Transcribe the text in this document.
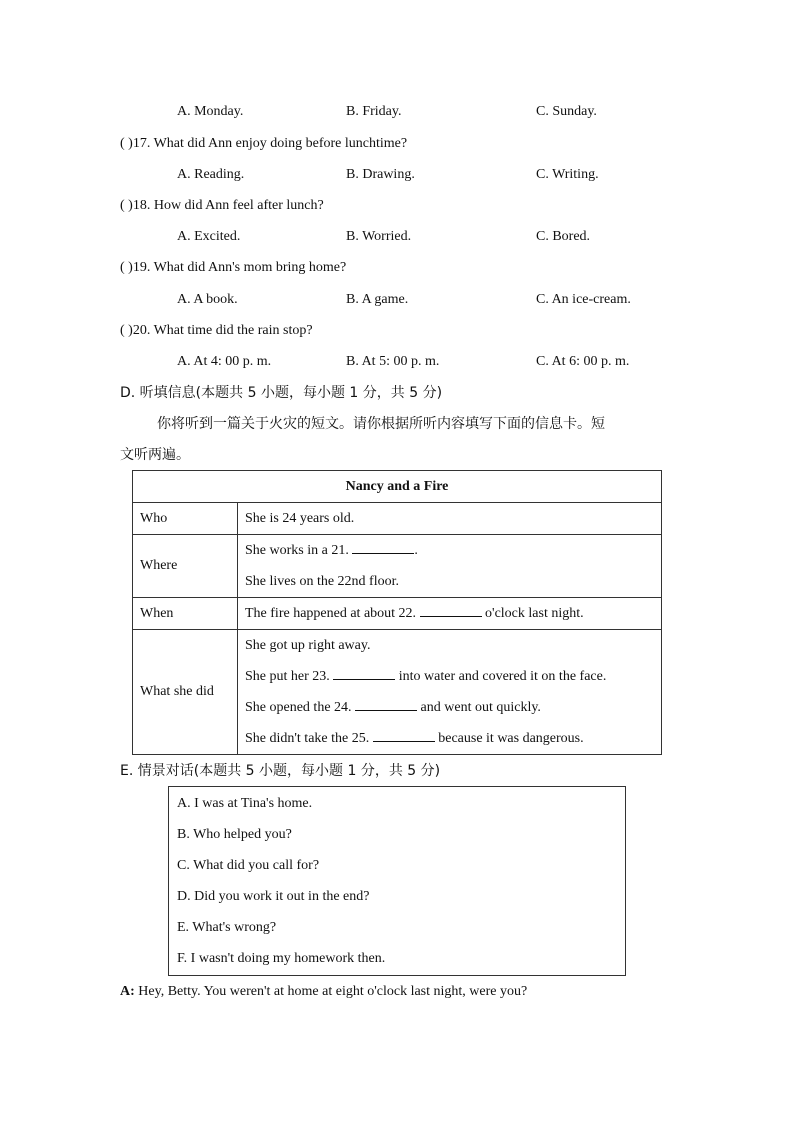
A. Monday.	B. Friday.	C. Sunday.
( )17. What did Ann enjoy doing before lunchtime?
A. Reading.	B. Drawing.	C. Writing.
( )18. How did Ann feel after lunch?
A. Excited.	B. Worried.	C. Bored.
( )19. What did Ann's mom bring home?
A. A book.	B. A game.	C. An ice-cream.
( )20. What time did the rain stop?
A. At 4: 00 p. m.	B. At 5: 00 p. m.	C. At 6: 00 p. m.
D. 听填信息(本题共 5 小题，每小题 1 分，共 5 分)
你将听到一篇关于火灾的短文。请你根据所听内容填写下面的信息卡。短
文听两遍。
Nancy and a Fire	

Who	She is 24 years old.

Where	She works in a 21. .
She lives on the 22nd floor.

When	The fire happened at about 22. o'clock last night.

What she did	She got up right away.
She put her 23. into water and covered it on the face.
She opened the 24. and went out quickly.
She didn't take the 25. because it was dangerous.
E. 情景对话(本题共 5 小题，每小题 1 分，共 5 分)
A. I was at Tina's home.
B. Who helped you?
C. What did you call for?
D. Did you work it out in the end?
E. What's wrong?
F. I wasn't doing my homework then.
A: Hey, Betty. You weren't at home at eight o'clock last night, were you?
